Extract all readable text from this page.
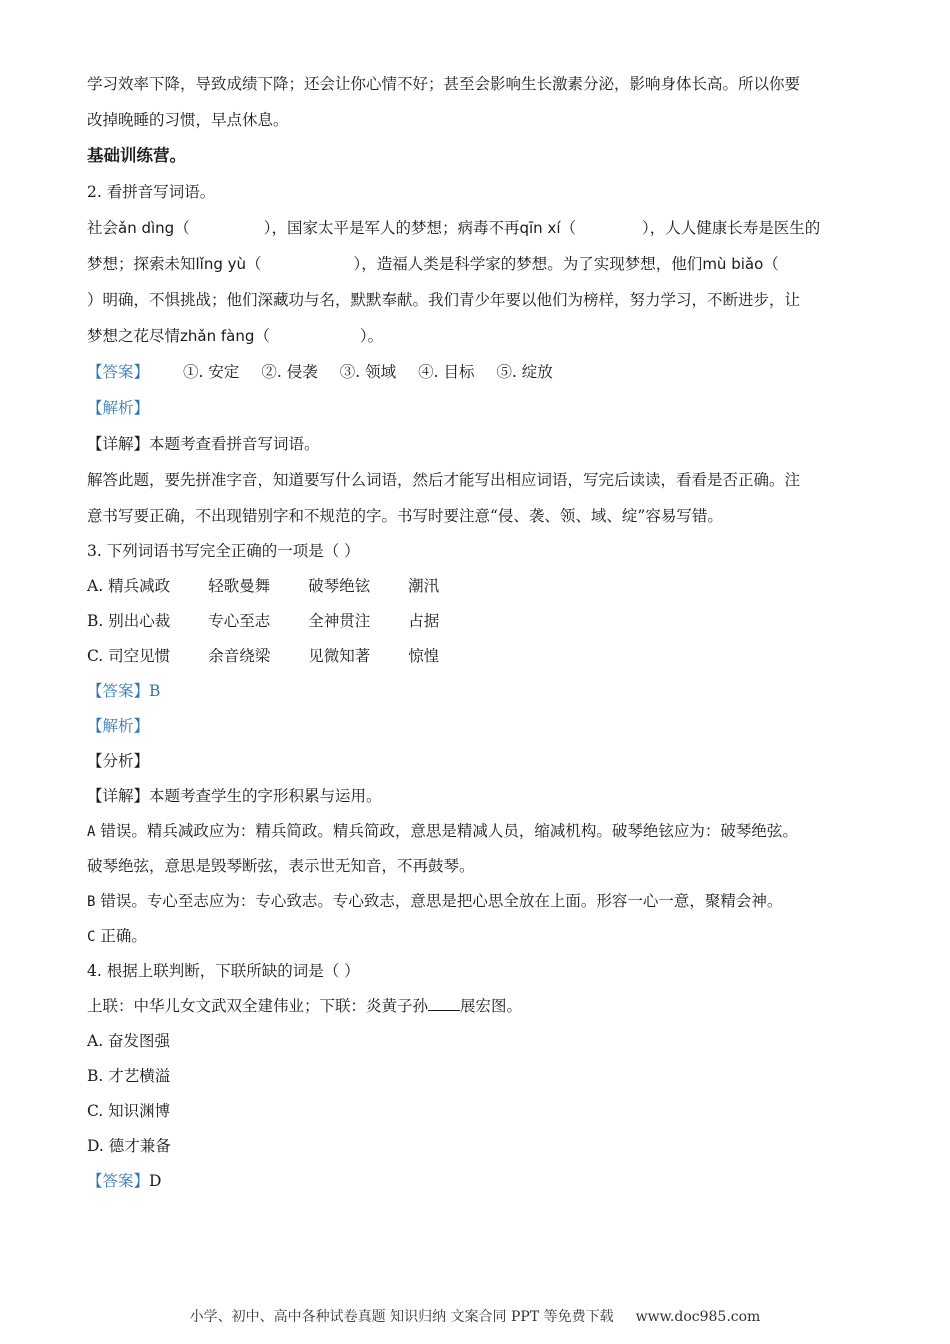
学习效率下降，导致成绩下降；还会让你心情不好；甚至会影响生长激素分泌，影响身体长高。所以你要
改掉晚睡的习惯，早点休息。
基础训练营。
2. 看拼音写词语。
社会ǎn dìng（	），国家太平是军人的梦想；病毒不再qīn xí（	），人人健康长寿是医生的
梦想；探索未知lǐng yù（	），造福人类是科学家的梦想。为了实现梦想，他们mù biǎo（
）明确，不惧挑战；他们深藏功与名，默默奉献。我们青少年要以他们为榜样，努力学习，不断进步，让
梦想之花尽情zhǎn fàng（	）。
【答案】 ①. 安定 ②. 侵袭 ③. 领域 ④. 目标 ⑤. 绽放
【解析】
【详解】本题考查看拼音写词语。
解答此题，要先拼准字音，知道要写什么词语，然后才能写出相应词语，写完后读读，看看是否正确。注
意书写要正确，不出现错别字和不规范的字。书写时要注意“侵、袭、领、域、绽”容易写错。
3. 下列词语书写完全正确的一项是（ ）
A. 精兵减政 轻歌曼舞 破琴绝铉 潮汛
B. 别出心裁 专心至志 全神贯注 占据
C. 司空见惯 余音绕梁 见微知著 惊惶
【答案】B
【解析】
【分析】
【详解】本题考查学生的字形积累与运用。
A 错误。精兵减政应为：精兵简政。精兵简政，意思是精减人员，缩减机构。破琴绝铉应为：破琴绝弦。
破琴绝弦，意思是毁琴断弦，表示世无知音，不再鼓琴。
B 错误。专心至志应为：专心致志。专心致志，意思是把心思全放在上面。形容一心一意，聚精会神。
C 正确。
4. 根据上联判断，下联所缺的词是（ ）
上联：中华儿女文武双全建伟业；下联：炎黄子孙 展宏图。
A. 奋发图强
B. 才艺横溢
C. 知识渊博
D. 德才兼备
【答案】D
小学、初中、高中各种试卷真题 知识归纳 文案合同 PPT 等免费下载 www.doc985.com
